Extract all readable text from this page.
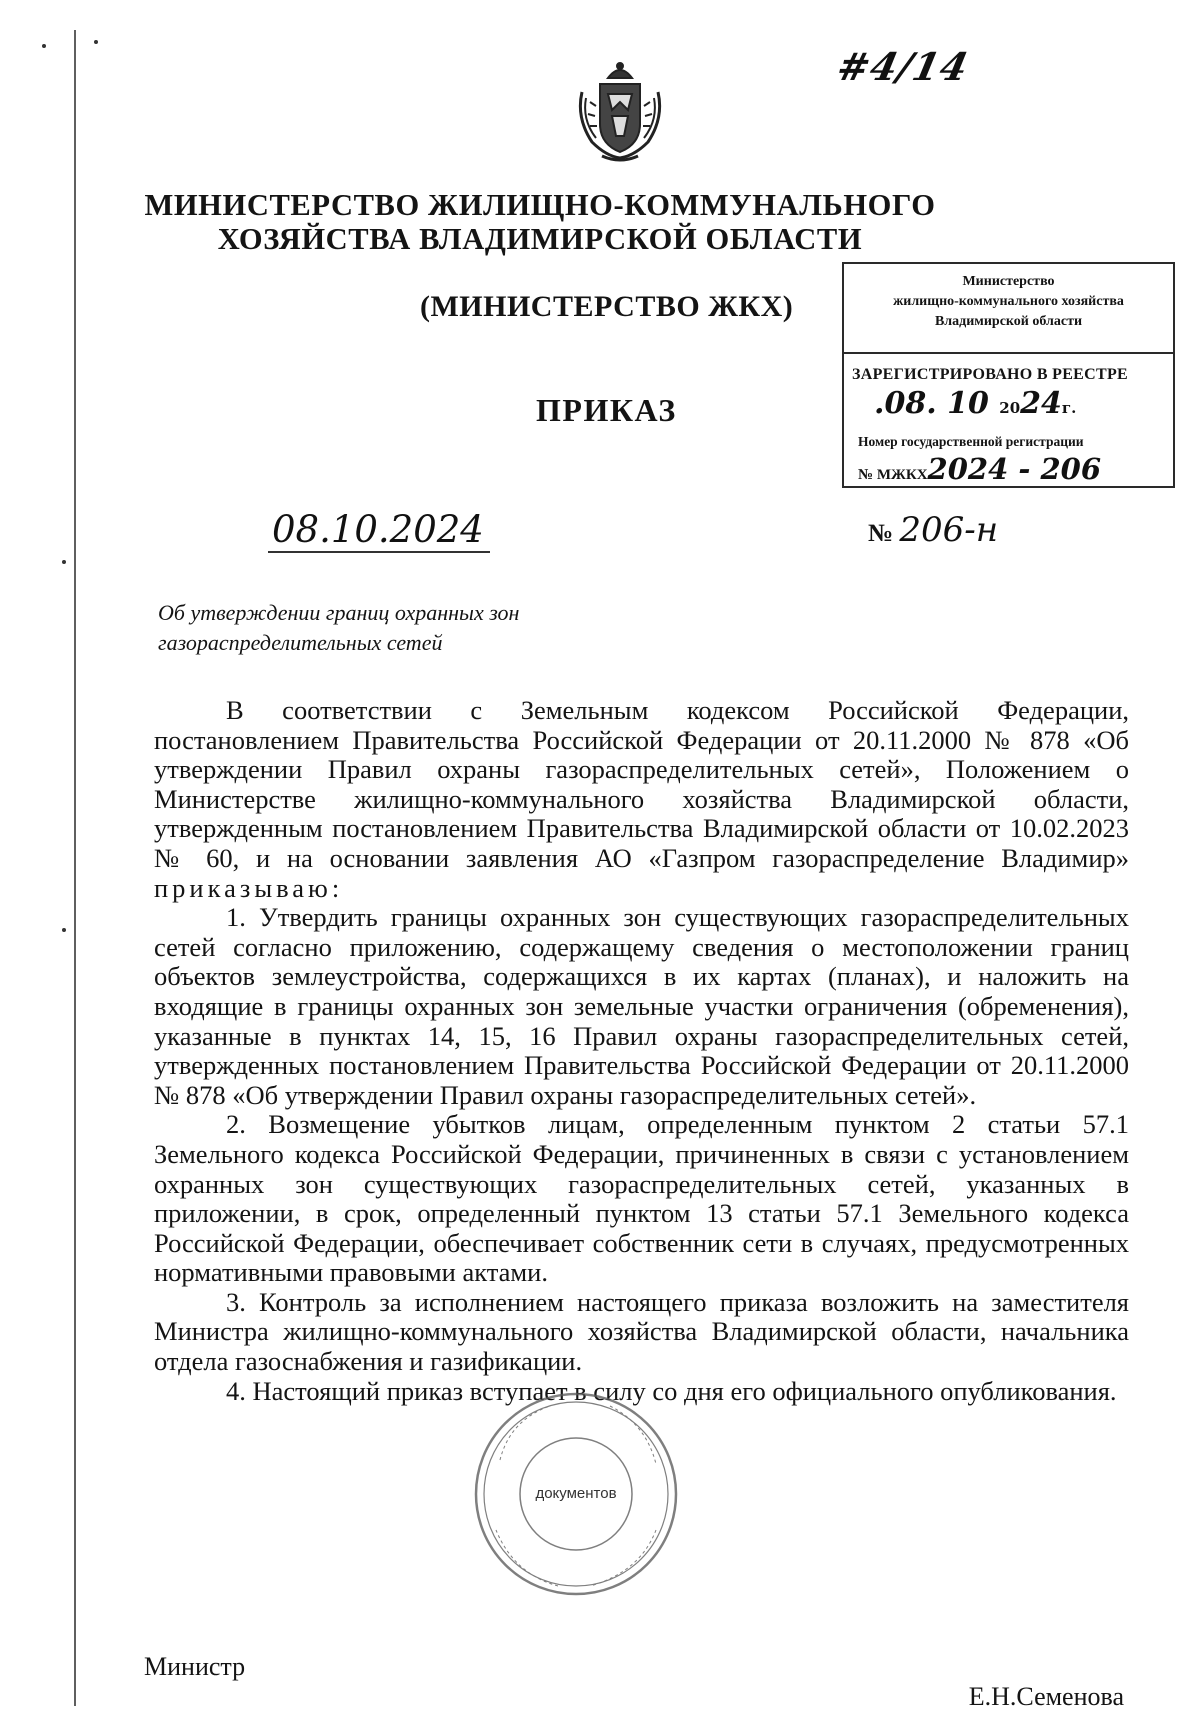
#4/14
МИНИСТЕРСТВО ЖИЛИЩНО-КОММУНАЛЬНОГО
ХОЗЯЙСТВА ВЛАДИМИРСКОЙ ОБЛАСТИ
(МИНИСТЕРСТВО ЖКХ)
ПРИКАЗ
Министерство
жилищно-коммунального хозяйства
Владимирской области
ЗАРЕГИСТРИРОВАНО В РЕЕСТРЕ
.08. 10 2024г.
Номер государственной регистрации
№ МЖКХ2024 - 206
08.10.2024	№ 206-н
Об утверждении границ охранных зон
газораспределительных сетей

В соответствии с Земельным кодексом Российской Федерации, постановлением Правительства Российской Федерации от 20.11.2000 № 878 «Об утверждении Правил охраны газораспределительных сетей», Положением о Министерстве жилищно-коммунального хозяйства Владимирской области, утвержденным постановлением Правительства Владимирской области от 10.02.2023 № 60, и на основании заявления АО «Газпром газораспределение Владимир» приказываю:

1. Утвердить границы охранных зон существующих газораспределительных сетей согласно приложению, содержащему сведения о местоположении границ объектов землеустройства, содержащихся в их картах (планах), и наложить на входящие в границы охранных зон земельные участки ограничения (обременения), указанные в пунктах 14, 15, 16 Правил охраны газораспределительных сетей, утвержденных постановлением Правительства Российской Федерации от 20.11.2000 № 878 «Об утверждении Правил охраны газораспределительных сетей».

2. Возмещение убытков лицам, определенным пунктом 2 статьи 57.1 Земельного кодекса Российской Федерации, причиненных в связи с установлением охранных зон существующих газораспределительных сетей, указанных в приложении, в срок, определенный пунктом 13 статьи 57.1 Земельного кодекса Российской Федерации, обеспечивает собственник сети в случаях, предусмотренных нормативными правовыми актами.

3. Контроль за исполнением настоящего приказа возложить на заместителя Министра жилищно-коммунального хозяйства Владимирской области, начальника отдела газоснабжения и газификации.

4. Настоящий приказ вступает в силу со дня его официального опубликования.

документов
Министр
Е.Н.Семенова
